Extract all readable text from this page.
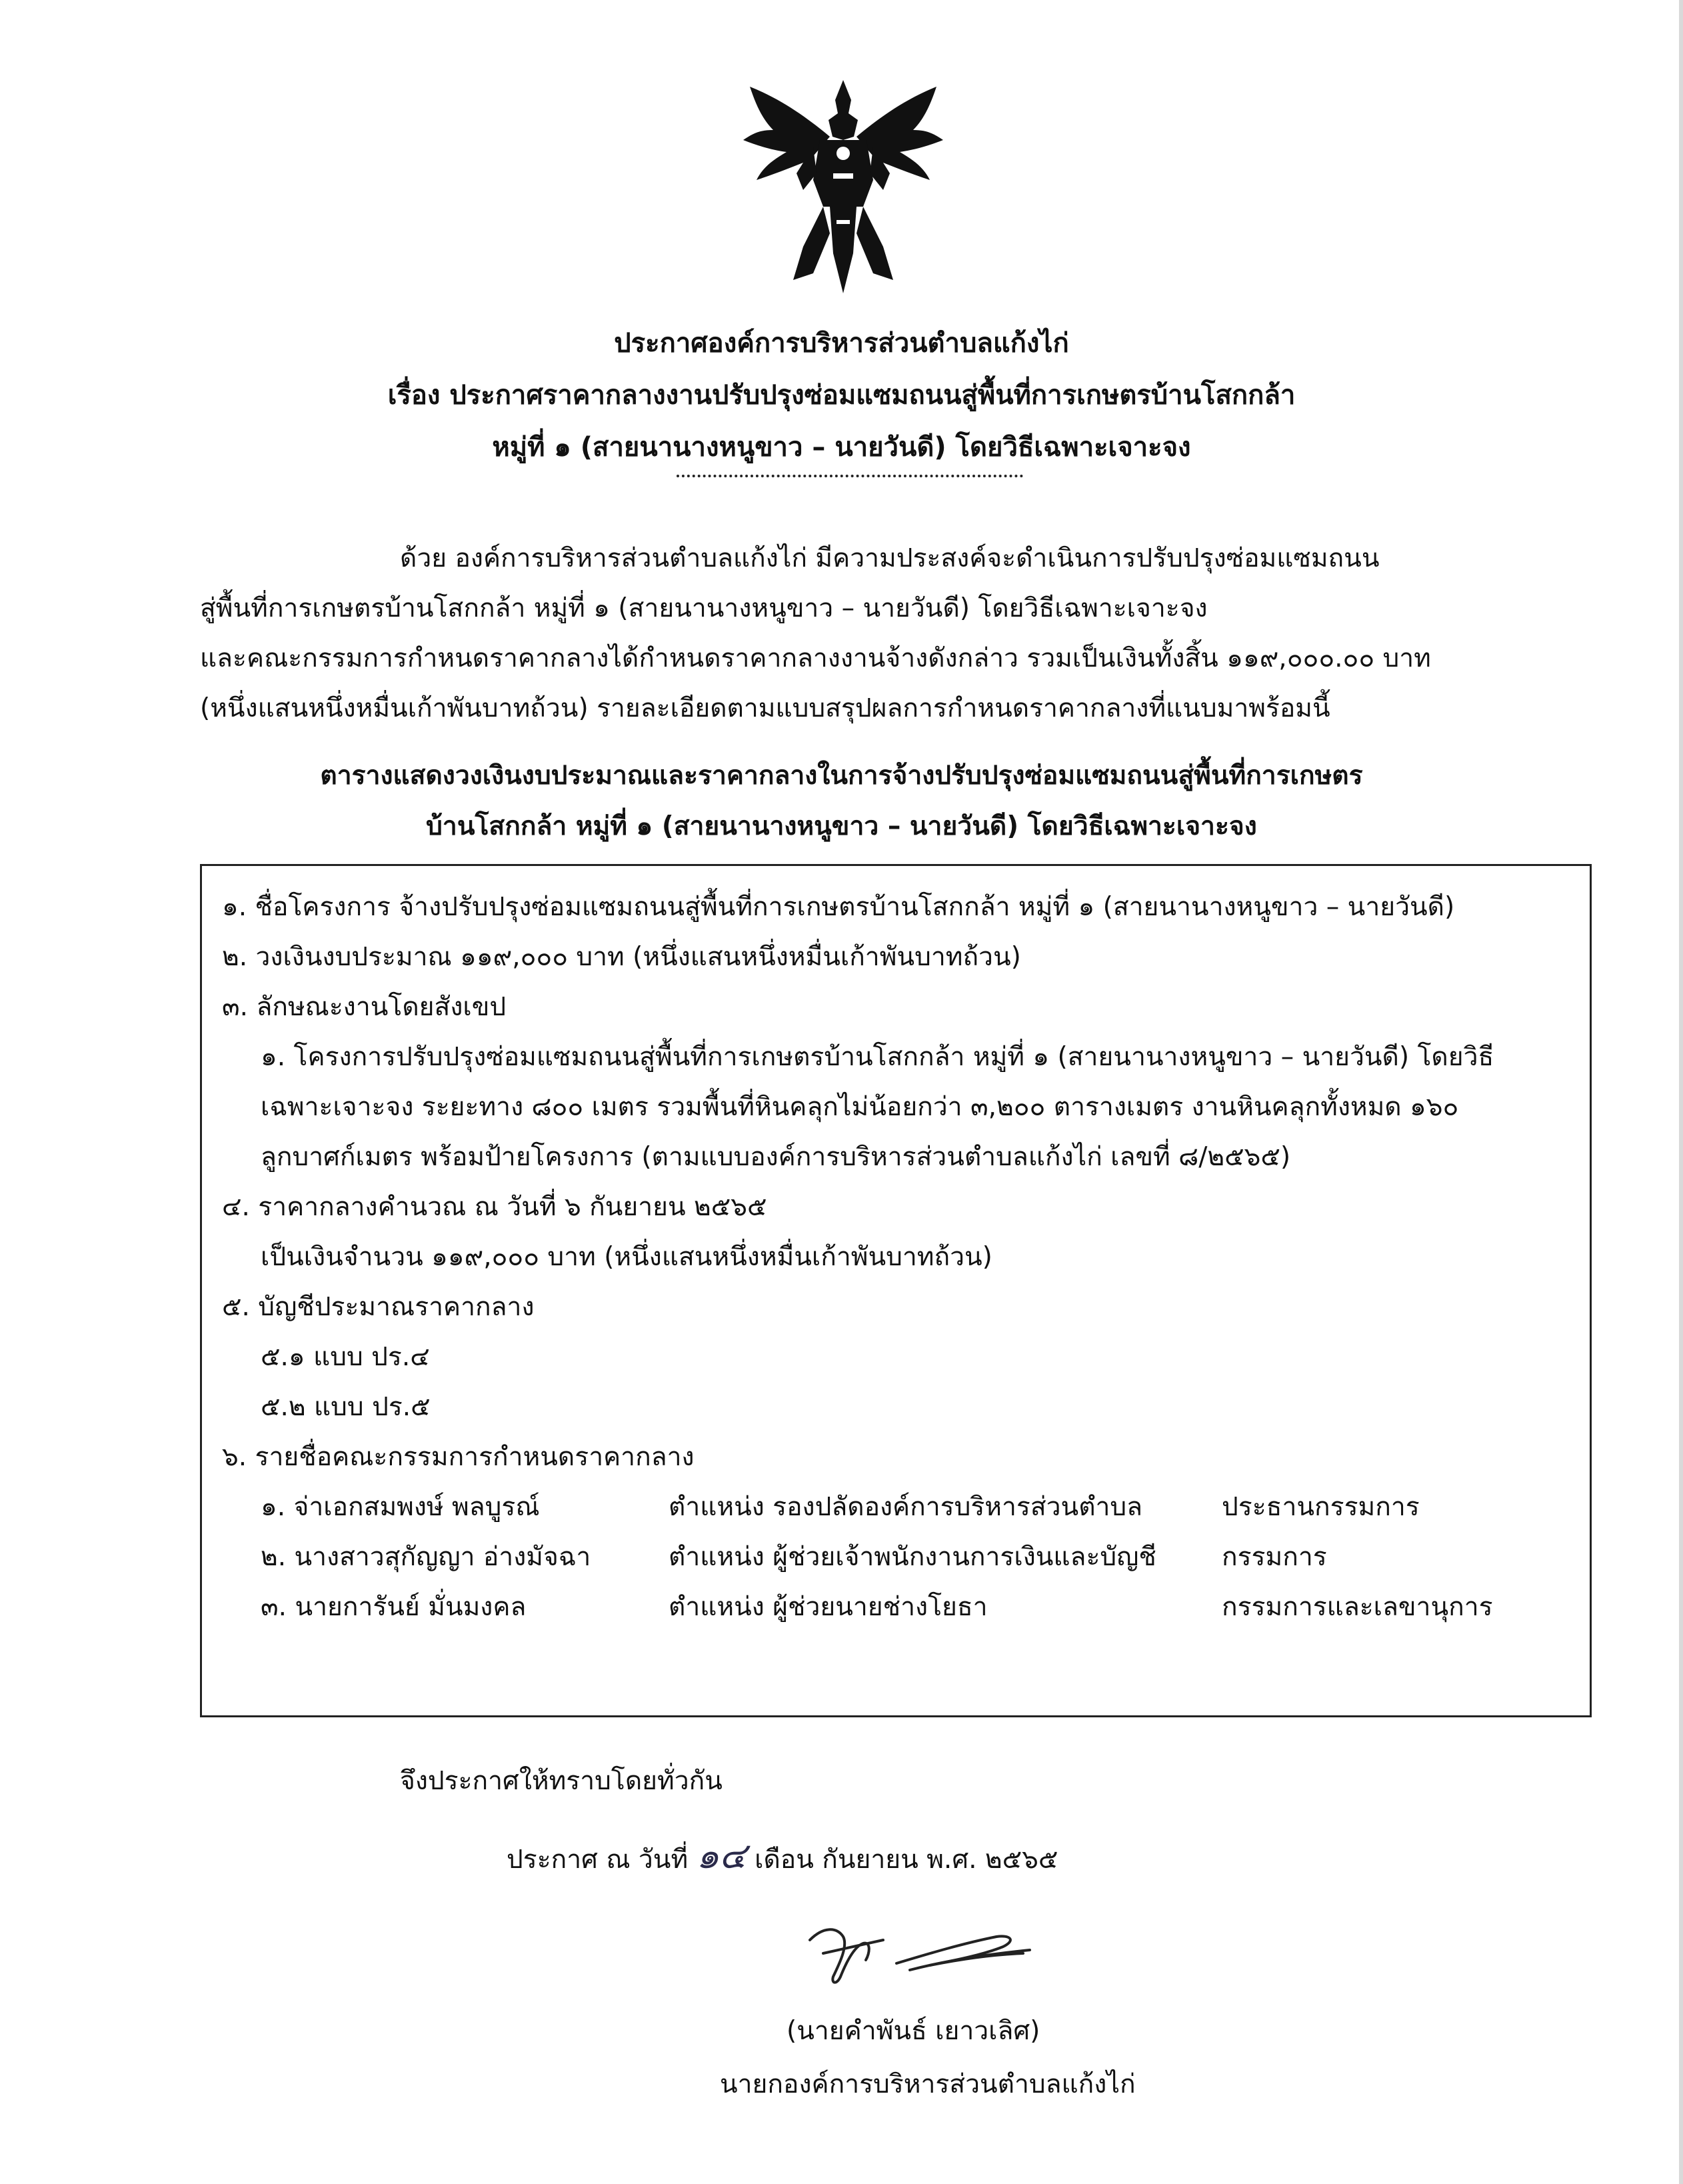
ประกาศองค์การบริหารส่วนตำบลแก้งไก่
เรื่อง ประกาศราคากลางงานปรับปรุงซ่อมแซมถนนสู่พื้นที่การเกษตรบ้านโสกกล้า
หมู่ที่ ๑ (สายนานางหนูขาว – นายวันดี) โดยวิธีเฉพาะเจาะจง

ด้วย องค์การบริหารส่วนตำบลแก้งไก่ มีความประสงค์จะดำเนินการปรับปรุงซ่อมแซมถนน

สู่พื้นที่การเกษตรบ้านโสกกล้า หมู่ที่ ๑ (สายนานางหนูขาว – นายวันดี) โดยวิธีเฉพาะเจาะจง

และคณะกรรมการกำหนดราคากลางได้กำหนดราคากลางงานจ้างดังกล่าว รวมเป็นเงินทั้งสิ้น ๑๑๙,๐๐๐.๐๐ บาท

(หนึ่งแสนหนึ่งหมื่นเก้าพันบาทถ้วน) รายละเอียดตามแบบสรุปผลการกำหนดราคากลางที่แนบมาพร้อมนี้

ตารางแสดงวงเงินงบประมาณและราคากลางในการจ้างปรับปรุงซ่อมแซมถนนสู่พื้นที่การเกษตร
บ้านโสกกล้า หมู่ที่ ๑ (สายนานางหนูขาว – นายวันดี) โดยวิธีเฉพาะเจาะจง
๑. ชื่อโครงการ จ้างปรับปรุงซ่อมแซมถนนสู่พื้นที่การเกษตรบ้านโสกกล้า หมู่ที่ ๑ (สายนานางหนูขาว – นายวันดี)
๒. วงเงินงบประมาณ ๑๑๙,๐๐๐ บาท (หนึ่งแสนหนึ่งหมื่นเก้าพันบาทถ้วน)
๓. ลักษณะงานโดยสังเขป
๑. โครงการปรับปรุงซ่อมแซมถนนสู่พื้นที่การเกษตรบ้านโสกกล้า หมู่ที่ ๑ (สายนานางหนูขาว – นายวันดี) โดยวิธี
เฉพาะเจาะจง ระยะทาง ๘๐๐ เมตร รวมพื้นที่หินคลุกไม่น้อยกว่า ๓,๒๐๐ ตารางเมตร งานหินคลุกทั้งหมด ๑๖๐
ลูกบาศก์เมตร พร้อมป้ายโครงการ (ตามแบบองค์การบริหารส่วนตำบลแก้งไก่ เลขที่ ๘/๒๕๖๕)
๔. ราคากลางคำนวณ ณ วันที่ ๖ กันยายน ๒๕๖๕
เป็นเงินจำนวน ๑๑๙,๐๐๐ บาท (หนึ่งแสนหนึ่งหมื่นเก้าพันบาทถ้วน)
๕. บัญชีประมาณราคากลาง
๕.๑ แบบ ปร.๔
๕.๒ แบบ ปร.๕
๖. รายชื่อคณะกรรมการกำหนดราคากลาง
๑. จ่าเอกสมพงษ์ พลบูรณ์	ตำแหน่ง รองปลัดองค์การบริหารส่วนตำบล	ประธานกรรมการ
๒. นางสาวสุกัญญา อ่างมัจฉา	ตำแหน่ง ผู้ช่วยเจ้าพนักงานการเงินและบัญชี	กรรมการ
๓. นายการันย์ มั่นมงคล	ตำแหน่ง ผู้ช่วยนายช่างโยธา	กรรมการและเลขานุการ
จึงประกาศให้ทราบโดยทั่วกัน
ประกาศ ณ วันที่ ๑๔ เดือน กันยายน พ.ศ. ๒๕๖๕
(นายคำพันธ์ เยาวเลิศ)
นายกองค์การบริหารส่วนตำบลแก้งไก่
